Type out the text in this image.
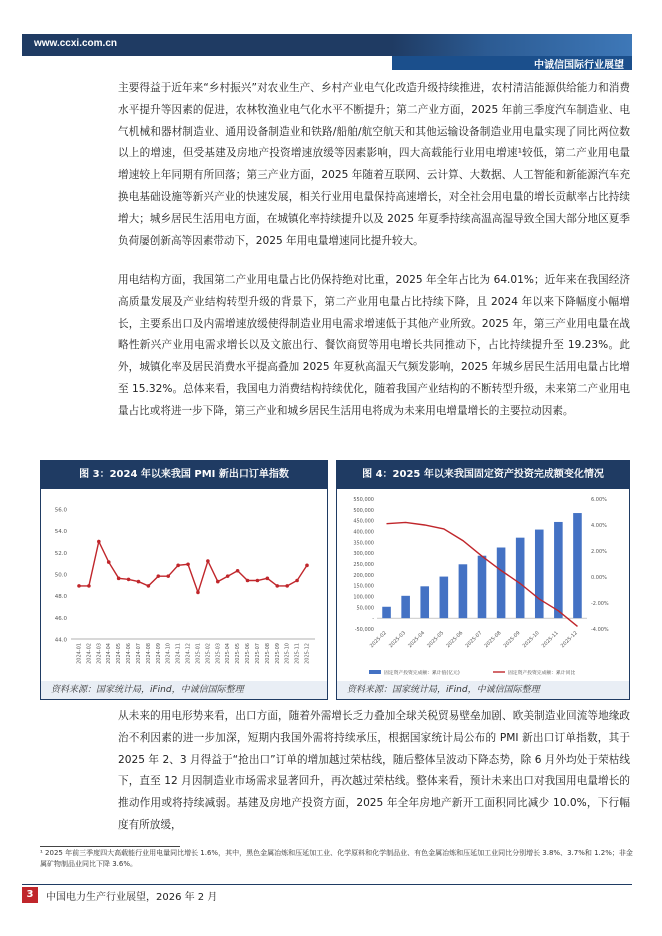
www.ccxi.com.cn
中诚信国际行业展望
主要得益于近年来“乡村振兴”对农业生产、乡村产业电气化改造升级持续推进，农村清洁能源供给能力和消费水平提升等因素的促进，农林牧渔业电气化水平不断提升；第二产业方面，2025 年前三季度汽车制造业、电气机械和器材制造业、通用设备制造业和铁路/船舶/航空航天和其他运输设备制造业用电量实现了同比两位数以上的增速，但受基建及房地产投资增速放缓等因素影响，四大高载能行业用电增速¹较低，第二产业用电量增速较上年同期有所回落；第三产业方面，2025 年随着互联网、云计算、大数据、人工智能和新能源汽车充换电基础设施等新兴产业的快速发展，相关行业用电量保持高速增长，对全社会用电量的增长贡献率占比持续增大；城乡居民生活用电方面，在城镇化率持续提升以及 2025 年夏季持续高温高湿导致全国大部分地区夏季负荷屡创新高等因素带动下，2025 年用电量增速同比提升较大。
用电结构方面，我国第二产业用电量占比仍保持绝对比重，2025 年全年占比为 64.01%；近年来在我国经济高质量发展及产业结构转型升级的背景下，第二产业用电量占比持续下降，且 2024 年以来下降幅度小幅增长，主要系出口及内需增速放缓使得制造业用电需求增速低于其他产业所致。2025 年，第三产业用电量在战略性新兴产业用电需求增长以及文旅出行、餐饮商贸等用电增长共同推动下，占比持续提升至 19.23%。此外，城镇化率及居民消费水平提高叠加 2025 年夏秋高温天气频发影响，2025 年城乡居民生活用电量占比增至 15.32%。总体来看，我国电力消费结构持续优化，随着我国产业结构的不断转型升级，未来第二产业用电量占比或将进一步下降，第三产业和城乡居民生活用电将成为未来用电增量增长的主要拉动因素。
图 3：2024 年以来我国 PMI 新出口订单指数
44.0
46.0
48.0
50.0
52.0
54.0
56.0
2024-01 2024-02 2024-03 2024-04 2024-05 2024-06 2024-07 2024-08 2024-09 2024-10 2024-11 2024-12 2025-01 2025-02 2025-03 2025-04 2025-05 2025-06 2025-07 2025-08 2025-09 2025-10 2025-11 2025-12
资料来源：国家统计局，iFind，中诚信国际整理
图 4：2025 年以来我国固定资产投资完成额变化情况
-50,000
-
50,000
100,000
150,000
200,000
250,000
300,000
350,000
400,000
450,000
500,000
550,000
-4.00%
-2.00%
0.00%
2.00%
4.00%
6.00%
2025-02 2025-03 2025-04 2025-05 2025-06 2025-07 2025-08 2025-09 2025-10 2025-11 2025-12
固定资产投资完成额：累计值(亿元)	固定资产投资完成额：累计同比
资料来源：国家统计局，iFind，中诚信国际整理
从未来的用电形势来看，出口方面，随着外需增长乏力叠加全球关税贸易壁垒加剧、欧美制造业回流等地缘政治不利因素的进一步加深，短期内我国外需将持续承压，根据国家统计局公布的 PMI 新出口订单指数，其于 2025 年 2、3 月得益于“抢出口”订单的增加越过荣枯线，随后整体呈波动下降态势，除 6 月外均处于荣枯线下，直至 12 月因制造业市场需求显著回升，再次越过荣枯线。整体来看，预计未来出口对我国用电量增长的推动作用或将持续减弱。基建及房地产投资方面，2025 年全年房地产新开工面积同比减少 10.0%，下行幅度有所放缓，
¹ 2025 年前三季度四大高载能行业用电量同比增长 1.6%，其中，黑色金属冶炼和压延加工业、化学原料和化学制品业、有色金属冶炼和压延加工业同比分别增长 3.8%、3.7%和 1.2%；非金属矿物制品业同比下降 3.6%。
3	中国电力生产行业展望，2026 年 2 月
